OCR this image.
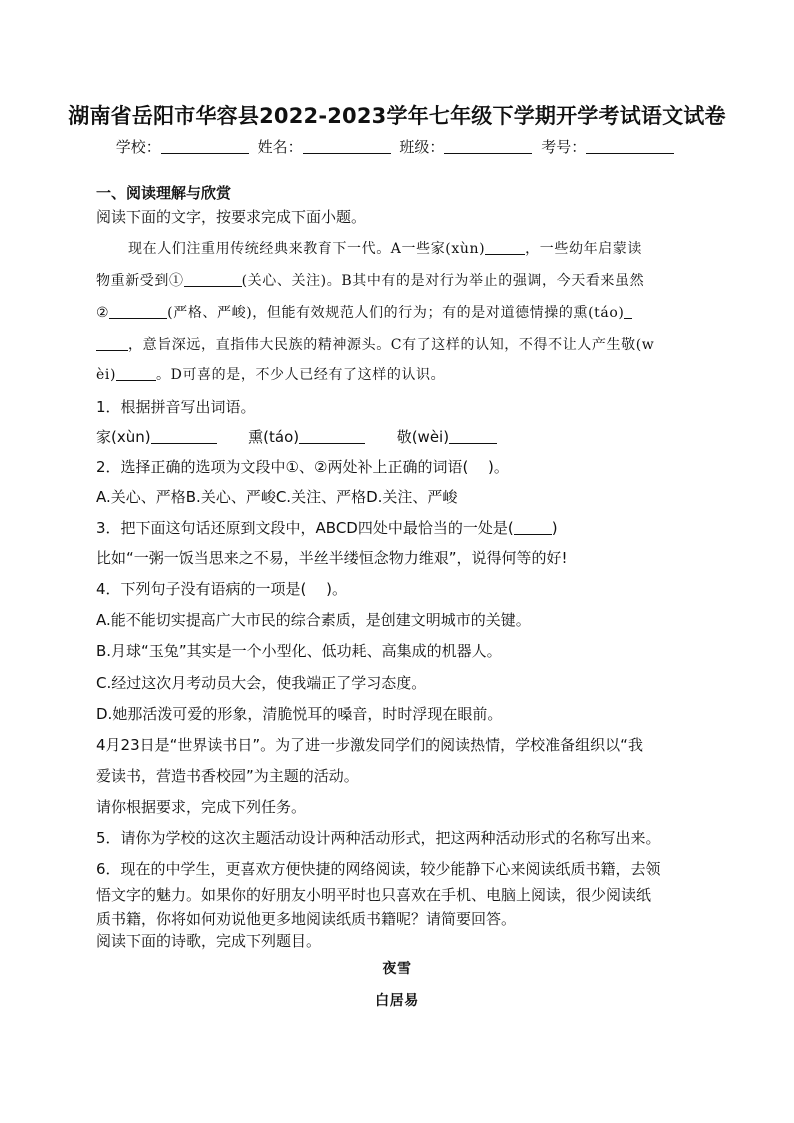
湖南省岳阳市华容县2022-2023学年七年级下学期开学考试语文试卷
学校：	姓名：	班级：	考号：
一、阅读理解与欣赏
阅读下面的文字，按要求完成下面小题。
现在人们注重用传统经典来教育下一代。A一些家(xùn)	，一些幼年启蒙读
物重新受到①	(关心、关注)。B其中有的是对行为举止的强调，今天看来虽然
②	(严格、严峻)，但能有效规范人们的行为；有的是对道德情操的熏(táo)
，意旨深远，直指伟大民族的精神源头。C有了这样的认知，不得不让人产生敬(w
èi)	。D可喜的是，不少人已经有了这样的认识。
1．根据拼音写出词语。
家(xùn)	熏(táo)	敬(wèi)
2．选择正确的选项为文段中①、②两处补上正确的词语(　 )。
A.关心、严格B.关心、严峻C.关注、严格D.关注、严峻
3．把下面这句话还原到文段中，ABCD四处中最恰当的一处是(	)
比如“一粥一饭当思来之不易，半丝半缕恒念物力维艰”，说得何等的好!
4．下列句子没有语病的一项是(　 )。
A.能不能切实提高广大市民的综合素质，是创建文明城市的关键。
B.月球“玉兔”其实是一个小型化、低功耗、高集成的机器人。
C.经过这次月考动员大会，使我端正了学习态度。
D.她那活泼可爱的形象，清脆悦耳的嗓音，时时浮现在眼前。
4月23日是“世界读书日”。为了进一步激发同学们的阅读热情，学校准备组织以“我
爱读书，营造书香校园”为主题的活动。
请你根据要求，完成下列任务。
5．请你为学校的这次主题活动设计两种活动形式，把这两种活动形式的名称写出来。
6．现在的中学生，更喜欢方便快捷的网络阅读，较少能静下心来阅读纸质书籍，去领
悟文字的魅力。如果你的好朋友小明平时也只喜欢在手机、电脑上阅读，很少阅读纸
质书籍，你将如何劝说他更多地阅读纸质书籍呢？请简要回答。
阅读下面的诗歌，完成下列题目。
夜雪
白居易
